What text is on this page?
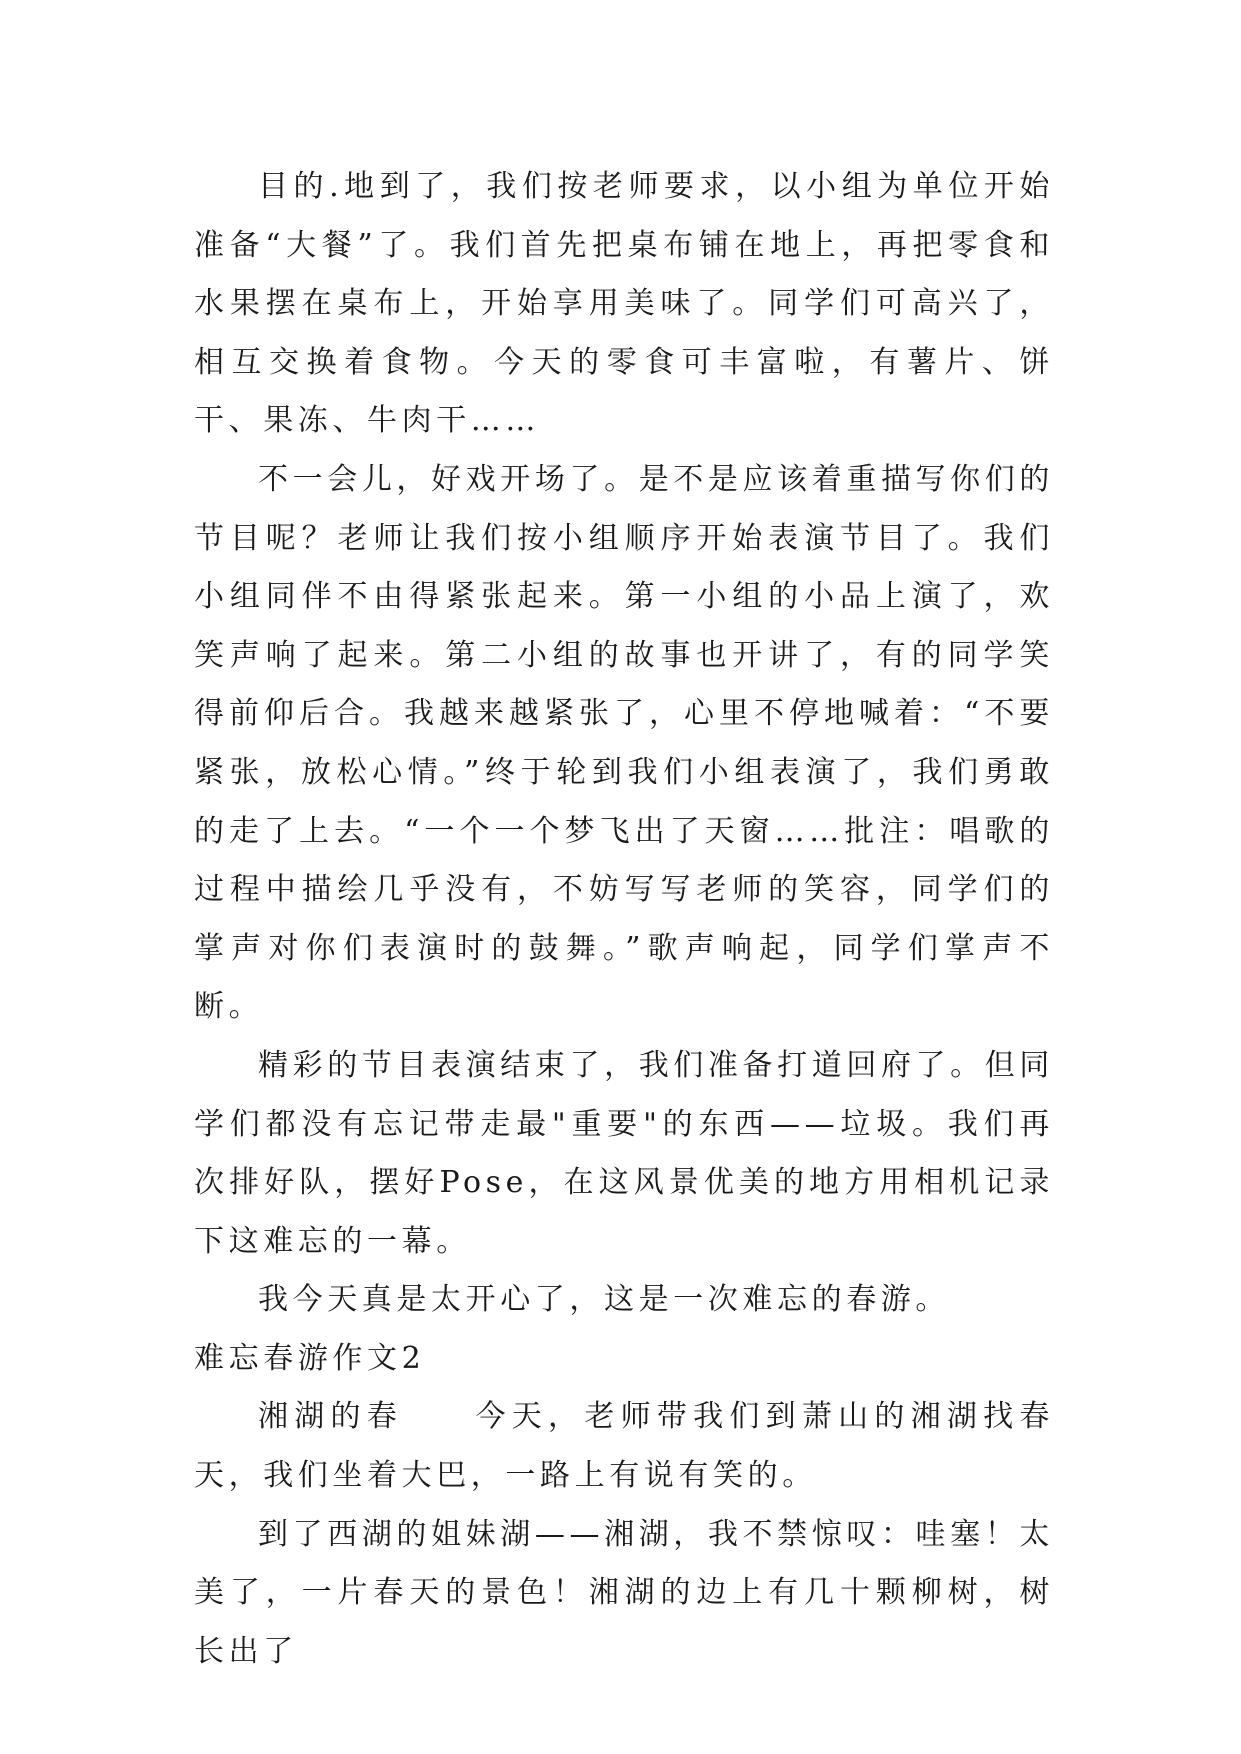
目的.地到了，我们按老师要求，以小组为单位开始准备“大餐”了。我们首先把桌布铺在地上，再把零食和水果摆在桌布上，开始享用美味了。同学们可高兴了，相互交换着食物。今天的零食可丰富啦，有薯片、饼干、果冻、牛肉干……

不一会儿，好戏开场了。是不是应该着重描写你们的节目呢？老师让我们按小组顺序开始表演节目了。我们小组同伴不由得紧张起来。第一小组的小品上演了，欢笑声响了起来。第二小组的故事也开讲了，有的同学笑得前仰后合。我越来越紧张了，心里不停地喊着：“不要紧张，放松心情。”终于轮到我们小组表演了，我们勇敢的走了上去。“一个一个梦飞出了天窗……批注：唱歌的过程中描绘几乎没有，不妨写写老师的笑容，同学们的掌声对你们表演时的鼓舞。”歌声响起，同学们掌声不断。

精彩的节目表演结束了，我们准备打道回府了。但同学们都没有忘记带走最"重要"的东西——垃圾。我们再次排好队，摆好Pose，在这风景优美的地方用相机记录下这难忘的一幕。

我今天真是太开心了，这是一次难忘的春游。

难忘春游作文2

湘湖的春　　今天，老师带我们到萧山的湘湖找春天，我们坐着大巴，一路上有说有笑的。

到了西湖的姐妹湖——湘湖，我不禁惊叹：哇塞！太美了，一片春天的景色！湘湖的边上有几十颗柳树，树长出了
